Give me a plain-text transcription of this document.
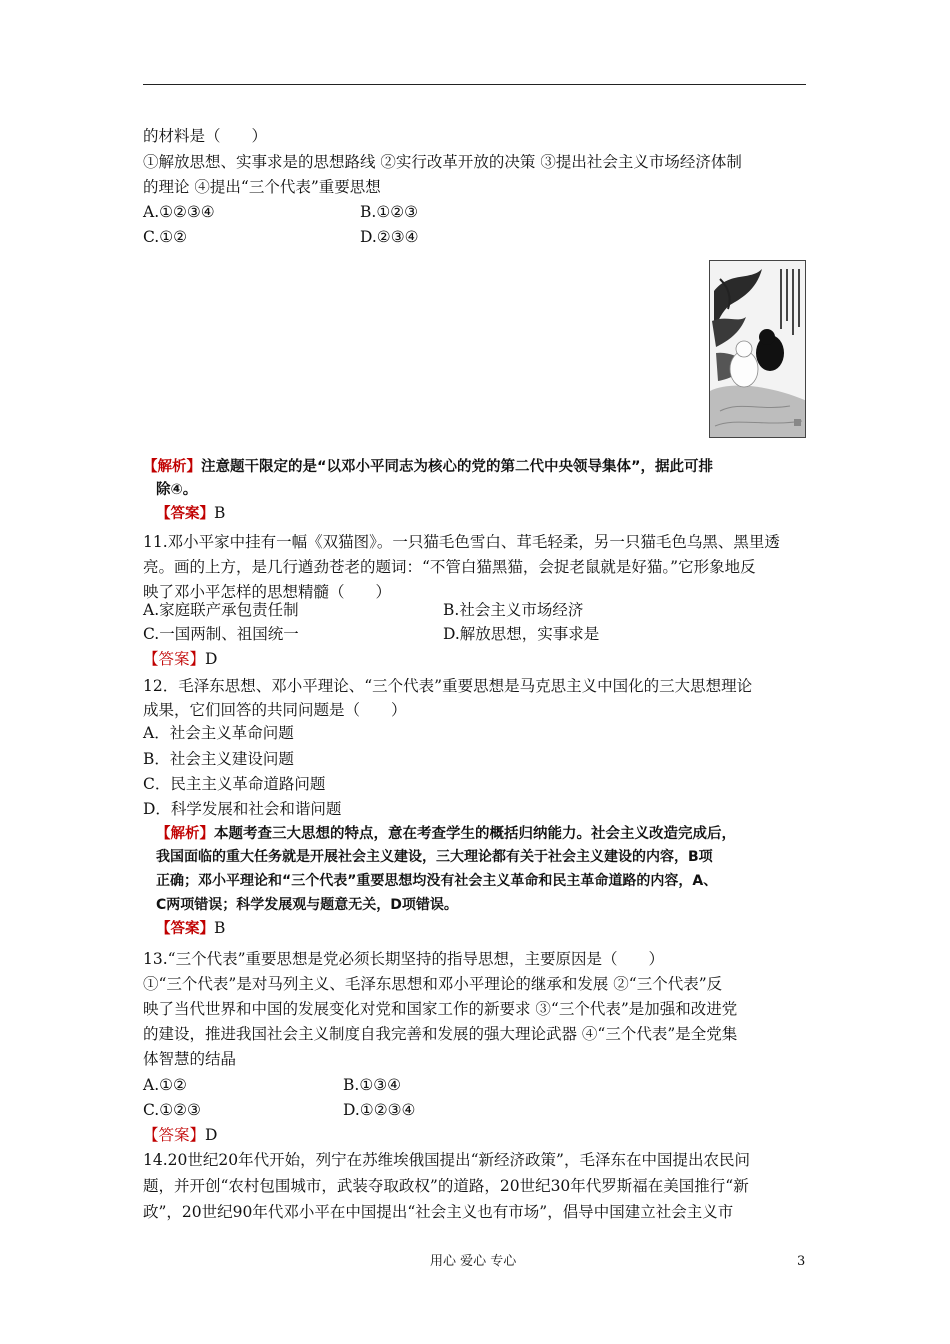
的材料是（　　）
①解放思想、实事求是的思想路线 ②实行改革开放的决策 ③提出社会主义市场经济体制
的理论 ④提出“三个代表”重要思想
A.①②③④	B.①②③
C.①②	D.②③④
【解析】注意题干限定的是“以邓小平同志为核心的党的第二代中央领导集体”，据此可排
除④。
【答案】B
11.邓小平家中挂有一幅《双猫图》。一只猫毛色雪白、茸毛轻柔，另一只猫毛色乌黑、黑里透
亮。画的上方，是几行遒劲苍老的题词：“不管白猫黑猫，会捉老鼠就是好猫。”它形象地反
映了邓小平怎样的思想精髓（　　）
A.家庭联产承包责任制	B.社会主义市场经济
C.一国两制、祖国统一	D.解放思想，实事求是
【答案】D
12．毛泽东思想、邓小平理论、“三个代表”重要思想是马克思主义中国化的三大思想理论
成果，它们回答的共同问题是（　　）
A．社会主义革命问题
B．社会主义建设问题
C．民主主义革命道路问题
D．科学发展和社会和谐问题
【解析】本题考查三大思想的特点，意在考查学生的概括归纳能力。社会主义改造完成后，
我国面临的重大任务就是开展社会主义建设，三大理论都有关于社会主义建设的内容，B项
正确；邓小平理论和“三个代表”重要思想均没有社会主义革命和民主革命道路的内容，A、
C两项错误；科学发展观与题意无关，D项错误。
【答案】B
13.“三个代表”重要思想是党必须长期坚持的指导思想，主要原因是（　　）
①“三个代表”是对马列主义、毛泽东思想和邓小平理论的继承和发展 ②“三个代表”反
映了当代世界和中国的发展变化对党和国家工作的新要求 ③“三个代表”是加强和改进党
的建设，推进我国社会主义制度自我完善和发展的强大理论武器 ④“三个代表”是全党集
体智慧的结晶
A.①②	B.①③④
C.①②③	D.①②③④
【答案】D
14.20世纪20年代开始，列宁在苏维埃俄国提出“新经济政策”，毛泽东在中国提出农民问
题，并开创“农村包围城市，武装夺取政权”的道路，20世纪30年代罗斯福在美国推行“新
政”，20世纪90年代邓小平在中国提出“社会主义也有市场”，倡导中国建立社会主义市
用心 爱心 专心	3
